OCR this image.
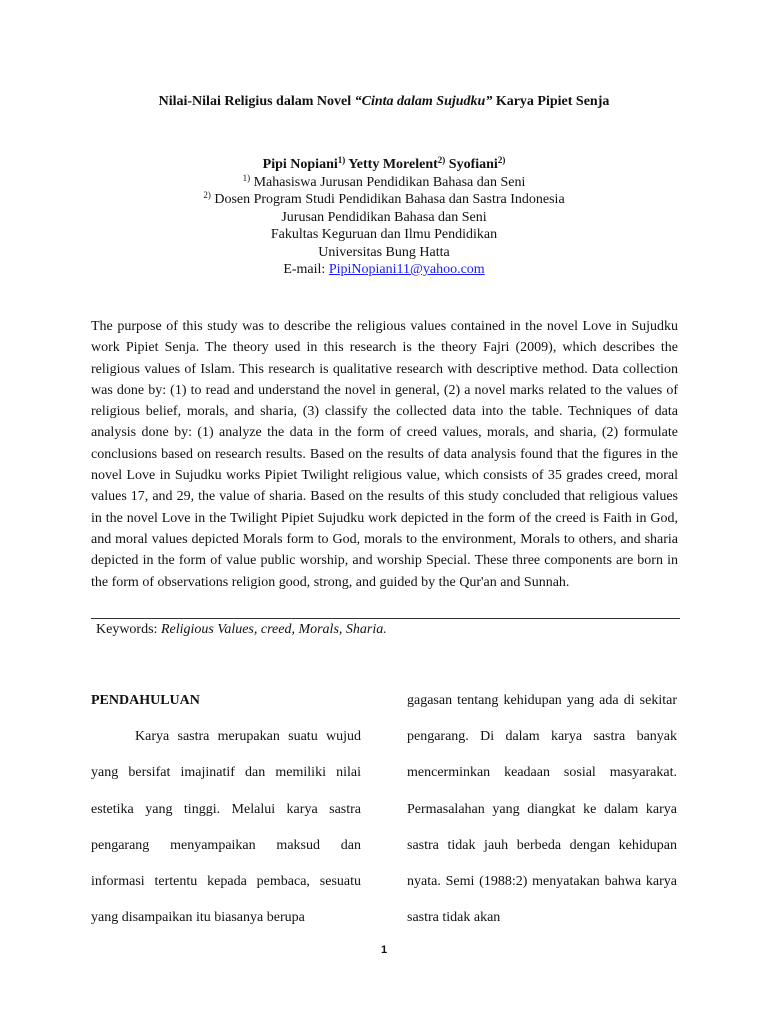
Nilai-Nilai Religius dalam Novel “Cinta dalam Sujudku” Karya Pipiet Senja
Pipi Nopiani$^{1)}$ Yetty Morelent$^{2)}$ Syofiani$^{2)}$
$^{1)}$ Mahasiswa Jurusan Pendidikan Bahasa dan Seni
$^{2)}$ Dosen Program Studi Pendidikan Bahasa dan Sastra Indonesia
Jurusan Pendidikan Bahasa dan Seni
Fakultas Keguruan dan Ilmu Pendidikan
Universitas Bung Hatta
E-mail: PipiNopiani11@yahoo.com
The purpose of this study was to describe the religious values contained in the novel Love in Sujudku work Pipiet Senja. The theory used in this research is the theory Fajri (2009), which describes the religious values of Islam. This research is qualitative research with descriptive method. Data collection was done by: (1) to read and understand the novel in general, (2) a novel marks related to the values of religious belief, morals, and sharia, (3) classify the collected data into the table. Techniques of data analysis done by: (1) analyze the data in the form of creed values, morals, and sharia, (2) formulate conclusions based on research results. Based on the results of data analysis found that the figures in the novel Love in Sujudku works Pipiet Twilight religious value, which consists of 35 grades creed, moral values 17, and 29, the value of sharia. Based on the results of this study concluded that religious values in the novel Love in the Twilight Pipiet Sujudku work depicted in the form of the creed is Faith in God, and moral values depicted Morals form to God, morals to the environment, Morals to others, and sharia depicted in the form of value public worship, and worship Special. These three components are born in the form of observations religion good, strong, and guided by the Qur'an and Sunnah.
Keywords: Religious Values, creed, Morals, Sharia.
PENDAHULUAN
Karya sastra merupakan suatu wujud yang bersifat imajinatif dan memiliki nilai estetika yang tinggi. Melalui karya sastra pengarang menyampaikan maksud dan informasi tertentu kepada pembaca, sesuatu yang disampaikan itu biasanya berupa
gagasan tentang kehidupan yang ada di sekitar pengarang. Di dalam karya sastra banyak mencerminkan keadaan sosial masyarakat. Permasalahan yang diangkat ke dalam karya sastra tidak jauh berbeda dengan kehidupan nyata. Semi (1988:2) menyatakan bahwa karya sastra tidak akan
1
